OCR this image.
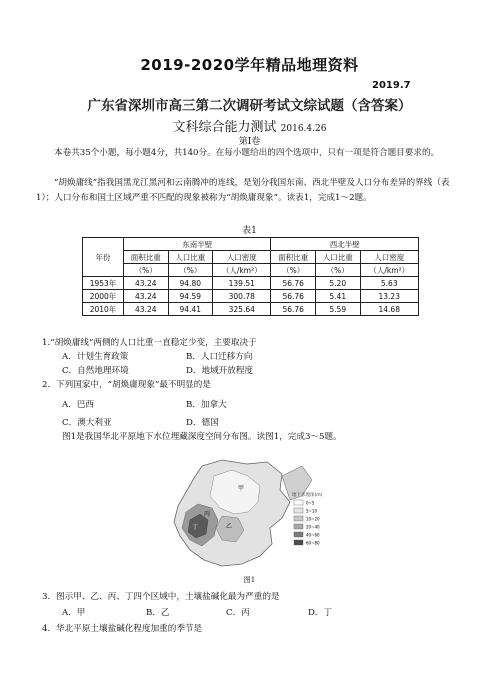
2019-2020学年精品地理资料
2019.7
广东省深圳市高三第二次调研考试文综试题（含答案）
文科综合能力测试 2016.4.26
第Ⅰ卷
本卷共35个小题，每小题4分，共140分。在每小题给出的四个选项中，只有一项是符合题目要求的。
“胡焕庸线”指我国黑龙江黑河和云南腾冲的连线，是划分我国东南、西北半壁及人口分布差异的界线（表1）；人口分布和国土区域严重不匹配的现象被称为“胡焕庸现象”。读表1，完成1～2题。
表1
年份	东南半壁			西北半壁		
	面积比重	人口比重	人口密度	面积比重	人口比重	人口密度
	（%）	（%）	（人/km²）	（%）	（%）	（人/km²）
1953年	43.24	94.80	139.51	56.76	5.20	5.63
2000年	43.24	94.59	300.78	56.76	5.41	13.23
2010年	43.24	94.41	325.64	56.76	5.59	14.68
1.“胡焕庸线”两侧的人口比重一直稳定少变，主要取决于
A．计划生育政策	B．人口迁移方向
C．自然地理环境	D．地域开放程度
2．下列国家中，“胡焕庸现象”最不明显的是
A．巴西	B．加拿大
C．澳大利亚	D．德国
图1是我国华北平原地下水位埋藏深度空间分布图。读图1，完成3～5题。
甲
乙
丙
丁
地下水埋深(m)
0~5
5~10
10~20
20~40
40~60
60~80
图1
3．图示甲、乙、丙、丁四个区域中，土壤盐碱化最为严重的是
A．甲	B．乙	C．丙	D．丁
4．华北平原土壤盐碱化程度加重的季节是
